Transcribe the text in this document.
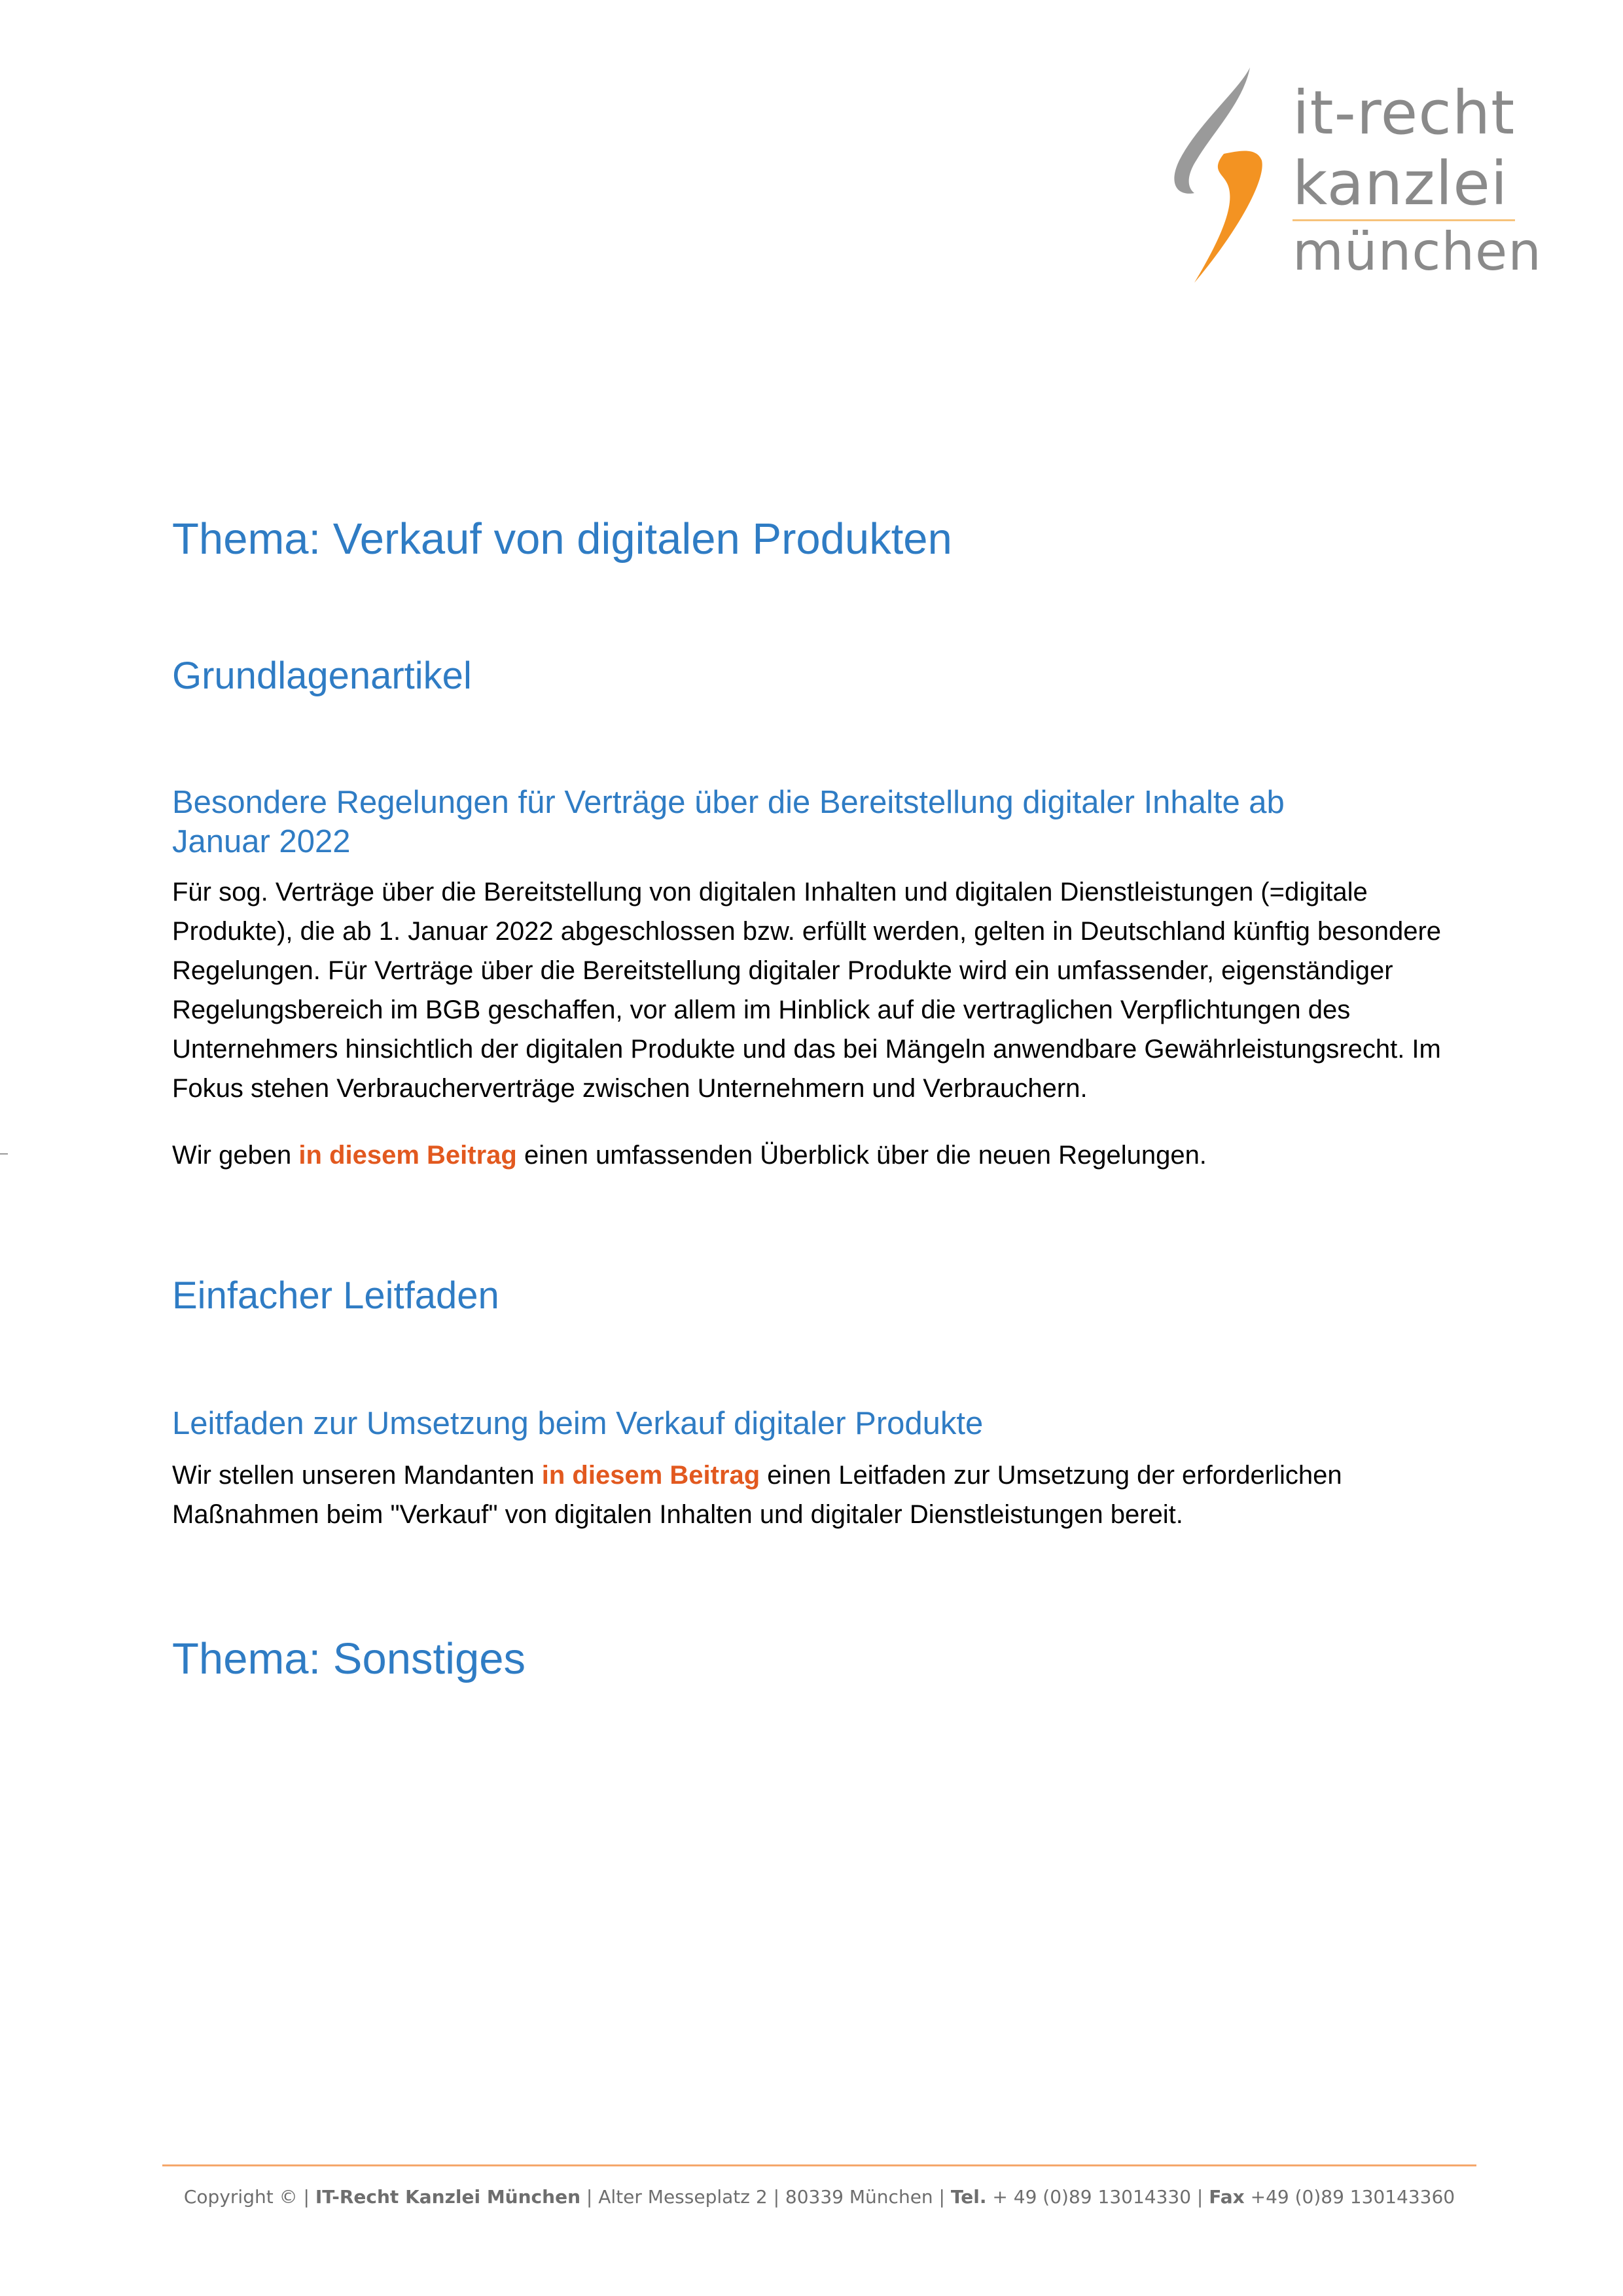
it-recht
kanzlei
münchen
Thema: Verkauf von digitalen Produkten
Grundlagenartikel
Besondere Regelungen für Verträge über die Bereitstellung digitaler Inhalte ab Januar 2022

Für sog. Verträge über die Bereitstellung von digitalen Inhalten und digitalen Dienstleistungen (=digitale Produkte), die ab 1. Januar 2022 abgeschlossen bzw. erfüllt werden, gelten in Deutschland künftig besondere Regelungen. Für Verträge über die Bereitstellung digitaler Produkte wird ein umfassender, eigenständiger Regelungsbereich im BGB geschaffen, vor allem im Hinblick auf die vertraglichen Verpflichtungen des Unternehmers hinsichtlich der digitalen Produkte und das bei Mängeln anwendbare Gewährleistungsrecht. Im Fokus stehen Verbraucherverträge zwischen Unternehmern und Verbrauchern.

Wir geben in diesem Beitrag einen umfassenden Überblick über die neuen Regelungen.

Einfacher Leitfaden
Leitfaden zur Umsetzung beim Verkauf digitaler Produkte

Wir stellen unseren Mandanten in diesem Beitrag einen Leitfaden zur Umsetzung der erforderlichen Maßnahmen beim "Verkauf" von digitalen Inhalten und digitaler Dienstleistungen bereit.

Thema: Sonstiges
Copyright © | IT-Recht Kanzlei München | Alter Messeplatz 2 | 80339 München | Tel. + 49 (0)89 13014330 | Fax +49 (0)89 130143360
